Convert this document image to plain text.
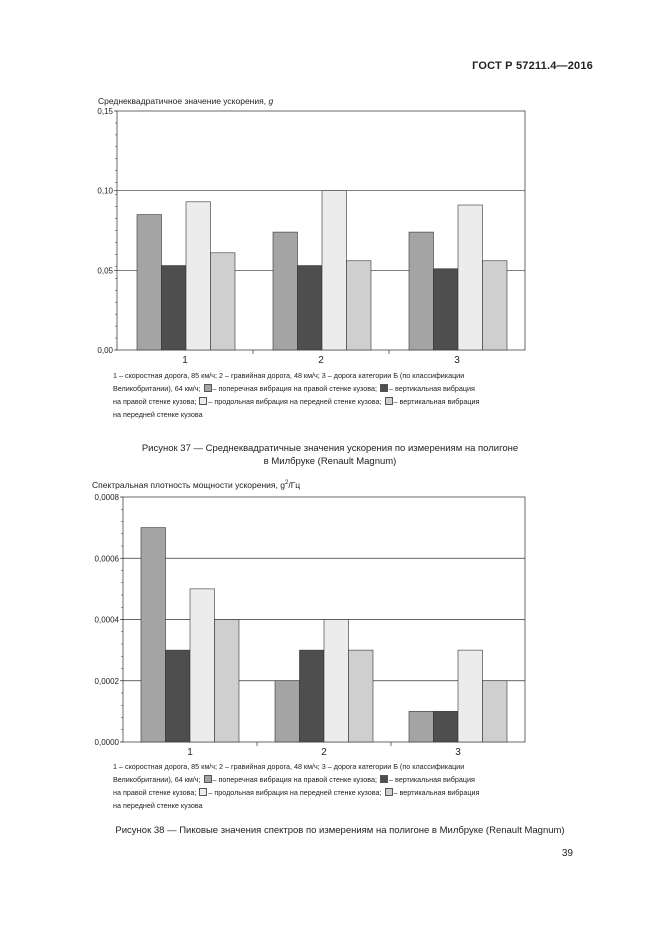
ГОСТ Р 57211.4—2016
Среднеквадратичное значение ускорения, g
0,00
0,05
0,10
0,15
1	2	3
1 – скоростная дорога, 85 км/ч; 2 – гравийная дорога, 48 км/ч; 3 – дорога категории Б (по классификации
Великобритании), 64 км/ч; – поперечная вибрация на правой стенке кузова; – вертикальная вибрация
на правой стенке кузова; – продольная вибрация на передней стенке кузова; – вертикальная вибрация
на передней стенке кузова
Рисунок 37 — Среднеквадратичные значения ускорения по измерениям на полигоне
в Милбруке (Renault Magnum)
Спектральная плотность мощности ускорения, $g^2/Гц$
0,0000
0,0002
0,0004
0,0006
0,0008
1	2	3
1 – скоростная дорога, 85 км/ч; 2 – гравийная дорога, 48 км/ч; 3 – дорога категории Б (по классификации
Великобритании), 64 км/ч; – поперечная вибрация на правой стенке кузова; – вертикальная вибрация
на правой стенке кузова; – продольная вибрация на передней стенке кузова; – вертикальная вибрация
на передней стенке кузова
Рисунок 38 — Пиковые значения спектров по измерениям на полигоне в Милбруке (Renault Magnum)
39
